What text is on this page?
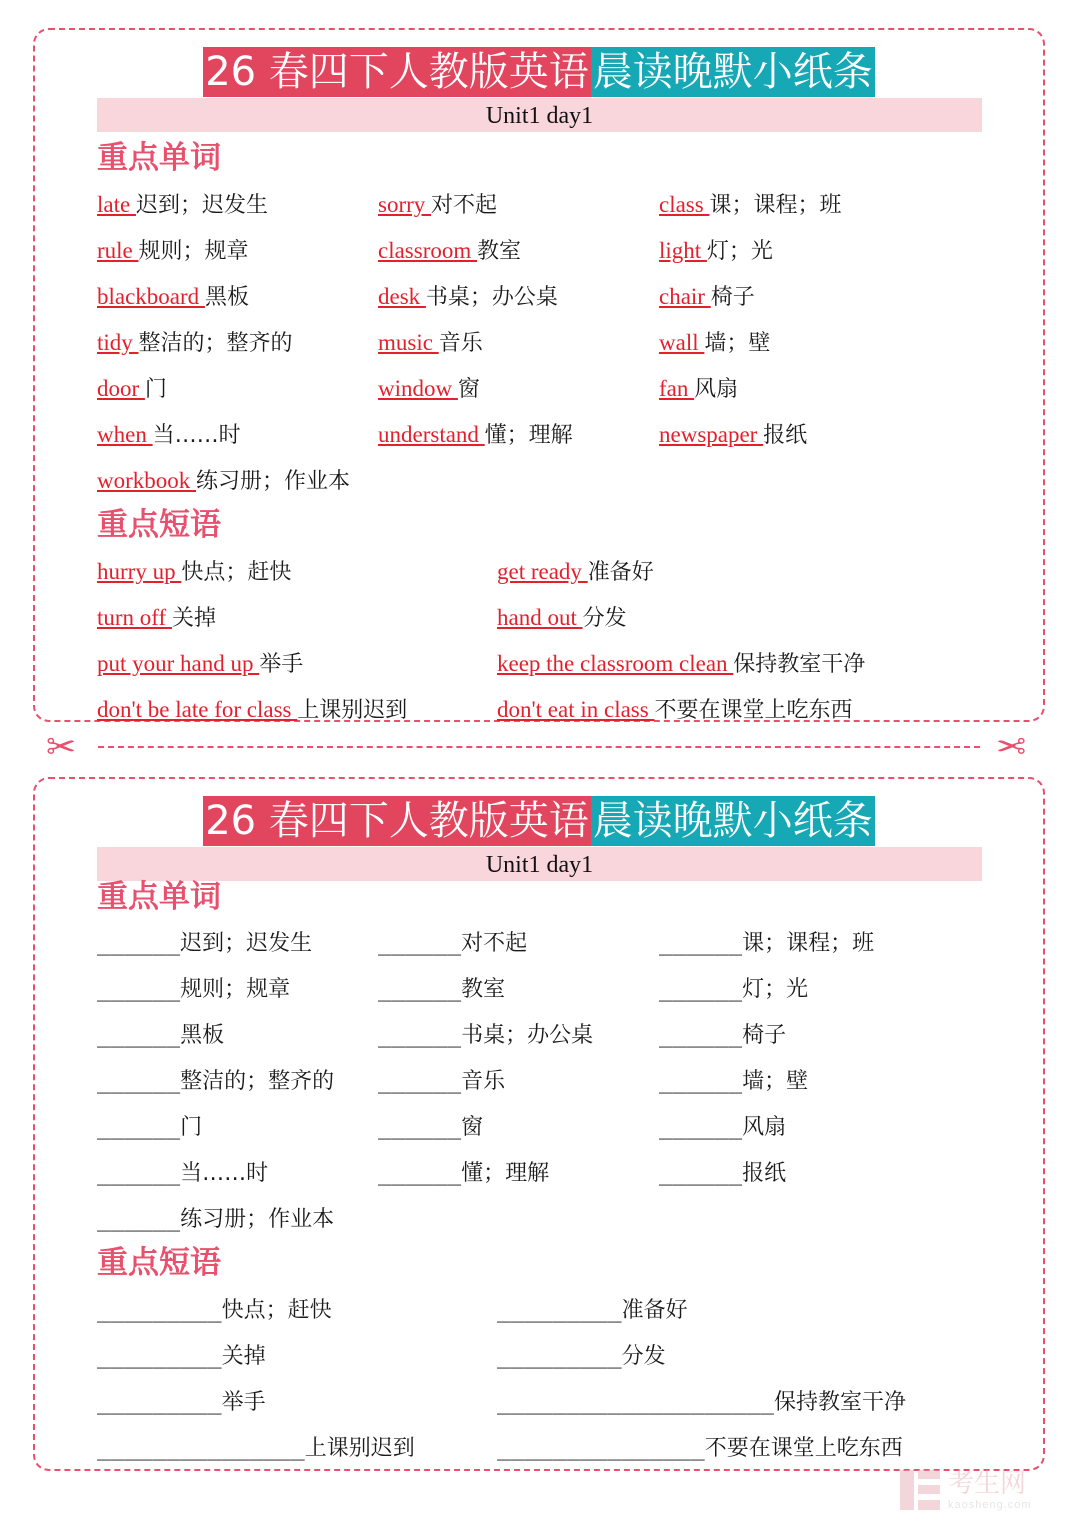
26 春四下人教版英语 晨读晚默小纸条
Unit1 day1
重点单词
late 迟到；迟发生	sorry 对不起	class 课；课程；班
rule 规则；规章	classroom 教室	light 灯；光
blackboard 黑板	desk 书桌；办公桌	chair 椅子
tidy 整洁的；整齐的	music 音乐	wall 墙；壁
door 门	window 窗	fan 风扇
when 当……时	understand 懂；理解	newspaper 报纸
workbook 练习册；作业本
重点短语
hurry up 快点；赶快	get ready 准备好
turn off 关掉	hand out 分发
put your hand up 举手	keep the classroom clean 保持教室干净
don't be late for class 上课别迟到	don't eat in class 不要在课堂上吃东西
✂	✂
26 春四下人教版英语 晨读晚默小纸条
Unit1 day1
重点单词
______迟到；迟发生	______对不起	______课；课程；班
______规则；规章	______教室	______灯；光
______黑板	______书桌；办公桌	______椅子
______整洁的；整齐的 ______音乐	______墙；壁
______门	______窗	______风扇
______当……时	______懂；理解	______报纸
______练习册；作业本
重点短语
_________快点；赶快	_________准备好
_________关掉	_________分发
_________举手	____________________保持教室干净
_______________上课别迟到	_______________不要在课堂上吃东西
考生网
kaosheng.com
